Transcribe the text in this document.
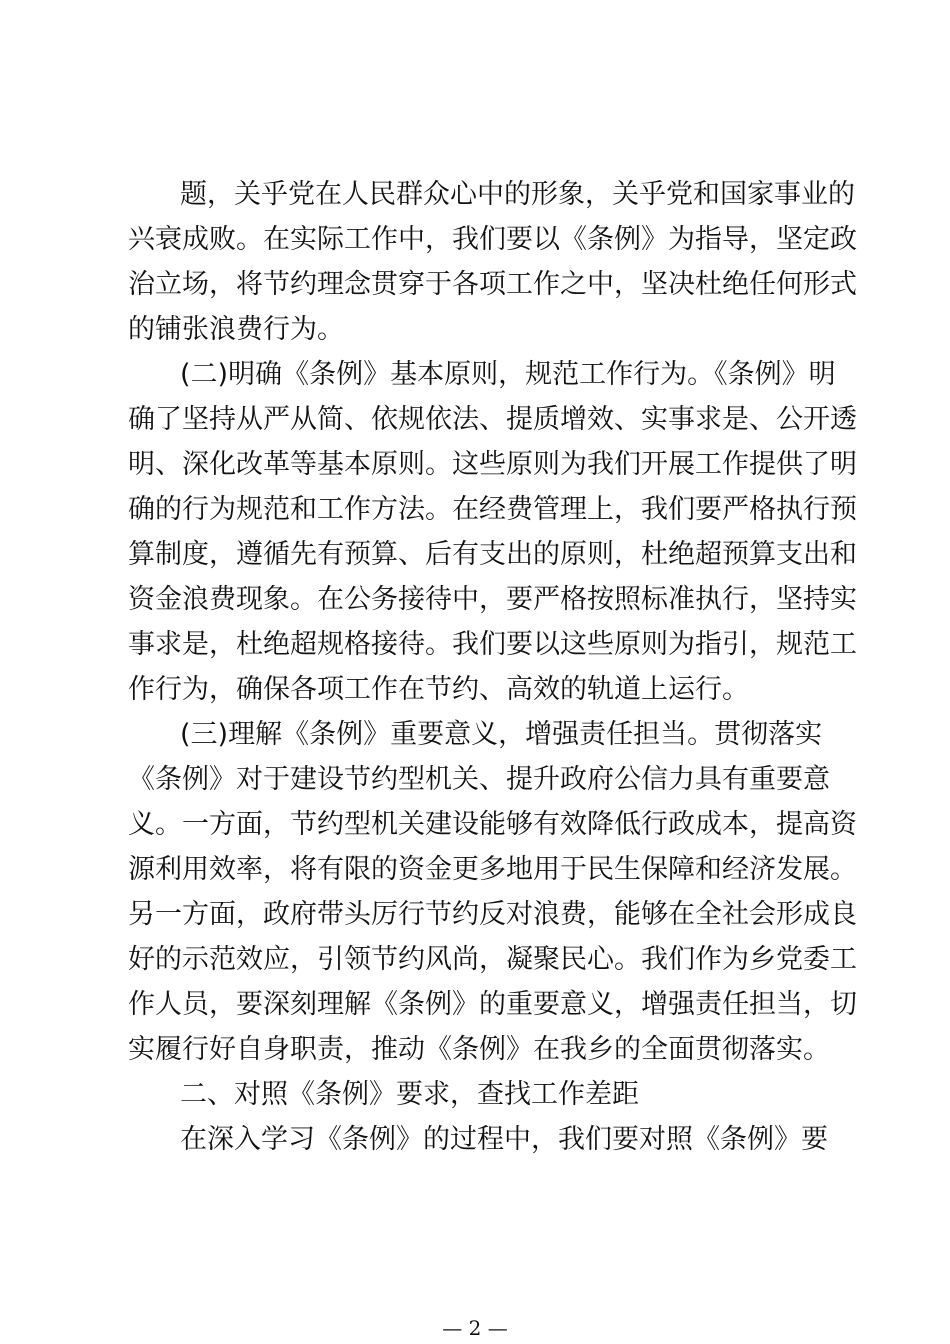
题，关乎党在人民群众心中的形象，关乎党和国家事业的
兴衰成败。在实际工作中，我们要以《条例》为指导，坚定政
治立场，将节约理念贯穿于各项工作之中，坚决杜绝任何形式
的铺张浪费行为。
(二)明确《条例》基本原则，规范工作行为。《条例》明
确了坚持从严从简、依规依法、提质增效、实事求是、公开透
明、深化改革等基本原则。这些原则为我们开展工作提供了明
确的行为规范和工作方法。在经费管理上，我们要严格执行预
算制度，遵循先有预算、后有支出的原则，杜绝超预算支出和
资金浪费现象。在公务接待中，要严格按照标准执行，坚持实
事求是，杜绝超规格接待。我们要以这些原则为指引，规范工
作行为，确保各项工作在节约、高效的轨道上运行。
(三)理解《条例》重要意义，增强责任担当。贯彻落实
《条例》对于建设节约型机关、提升政府公信力具有重要意
义。一方面，节约型机关建设能够有效降低行政成本，提高资
源利用效率，将有限的资金更多地用于民生保障和经济发展。
另一方面，政府带头厉行节约反对浪费，能够在全社会形成良
好的示范效应，引领节约风尚，凝聚民心。我们作为乡党委工
作人员，要深刻理解《条例》的重要意义，增强责任担当，切
实履行好自身职责，推动《条例》在我乡的全面贯彻落实。
二、对照《条例》要求，查找工作差距
在深入学习《条例》的过程中，我们要对照《条例》要
— 2 —
